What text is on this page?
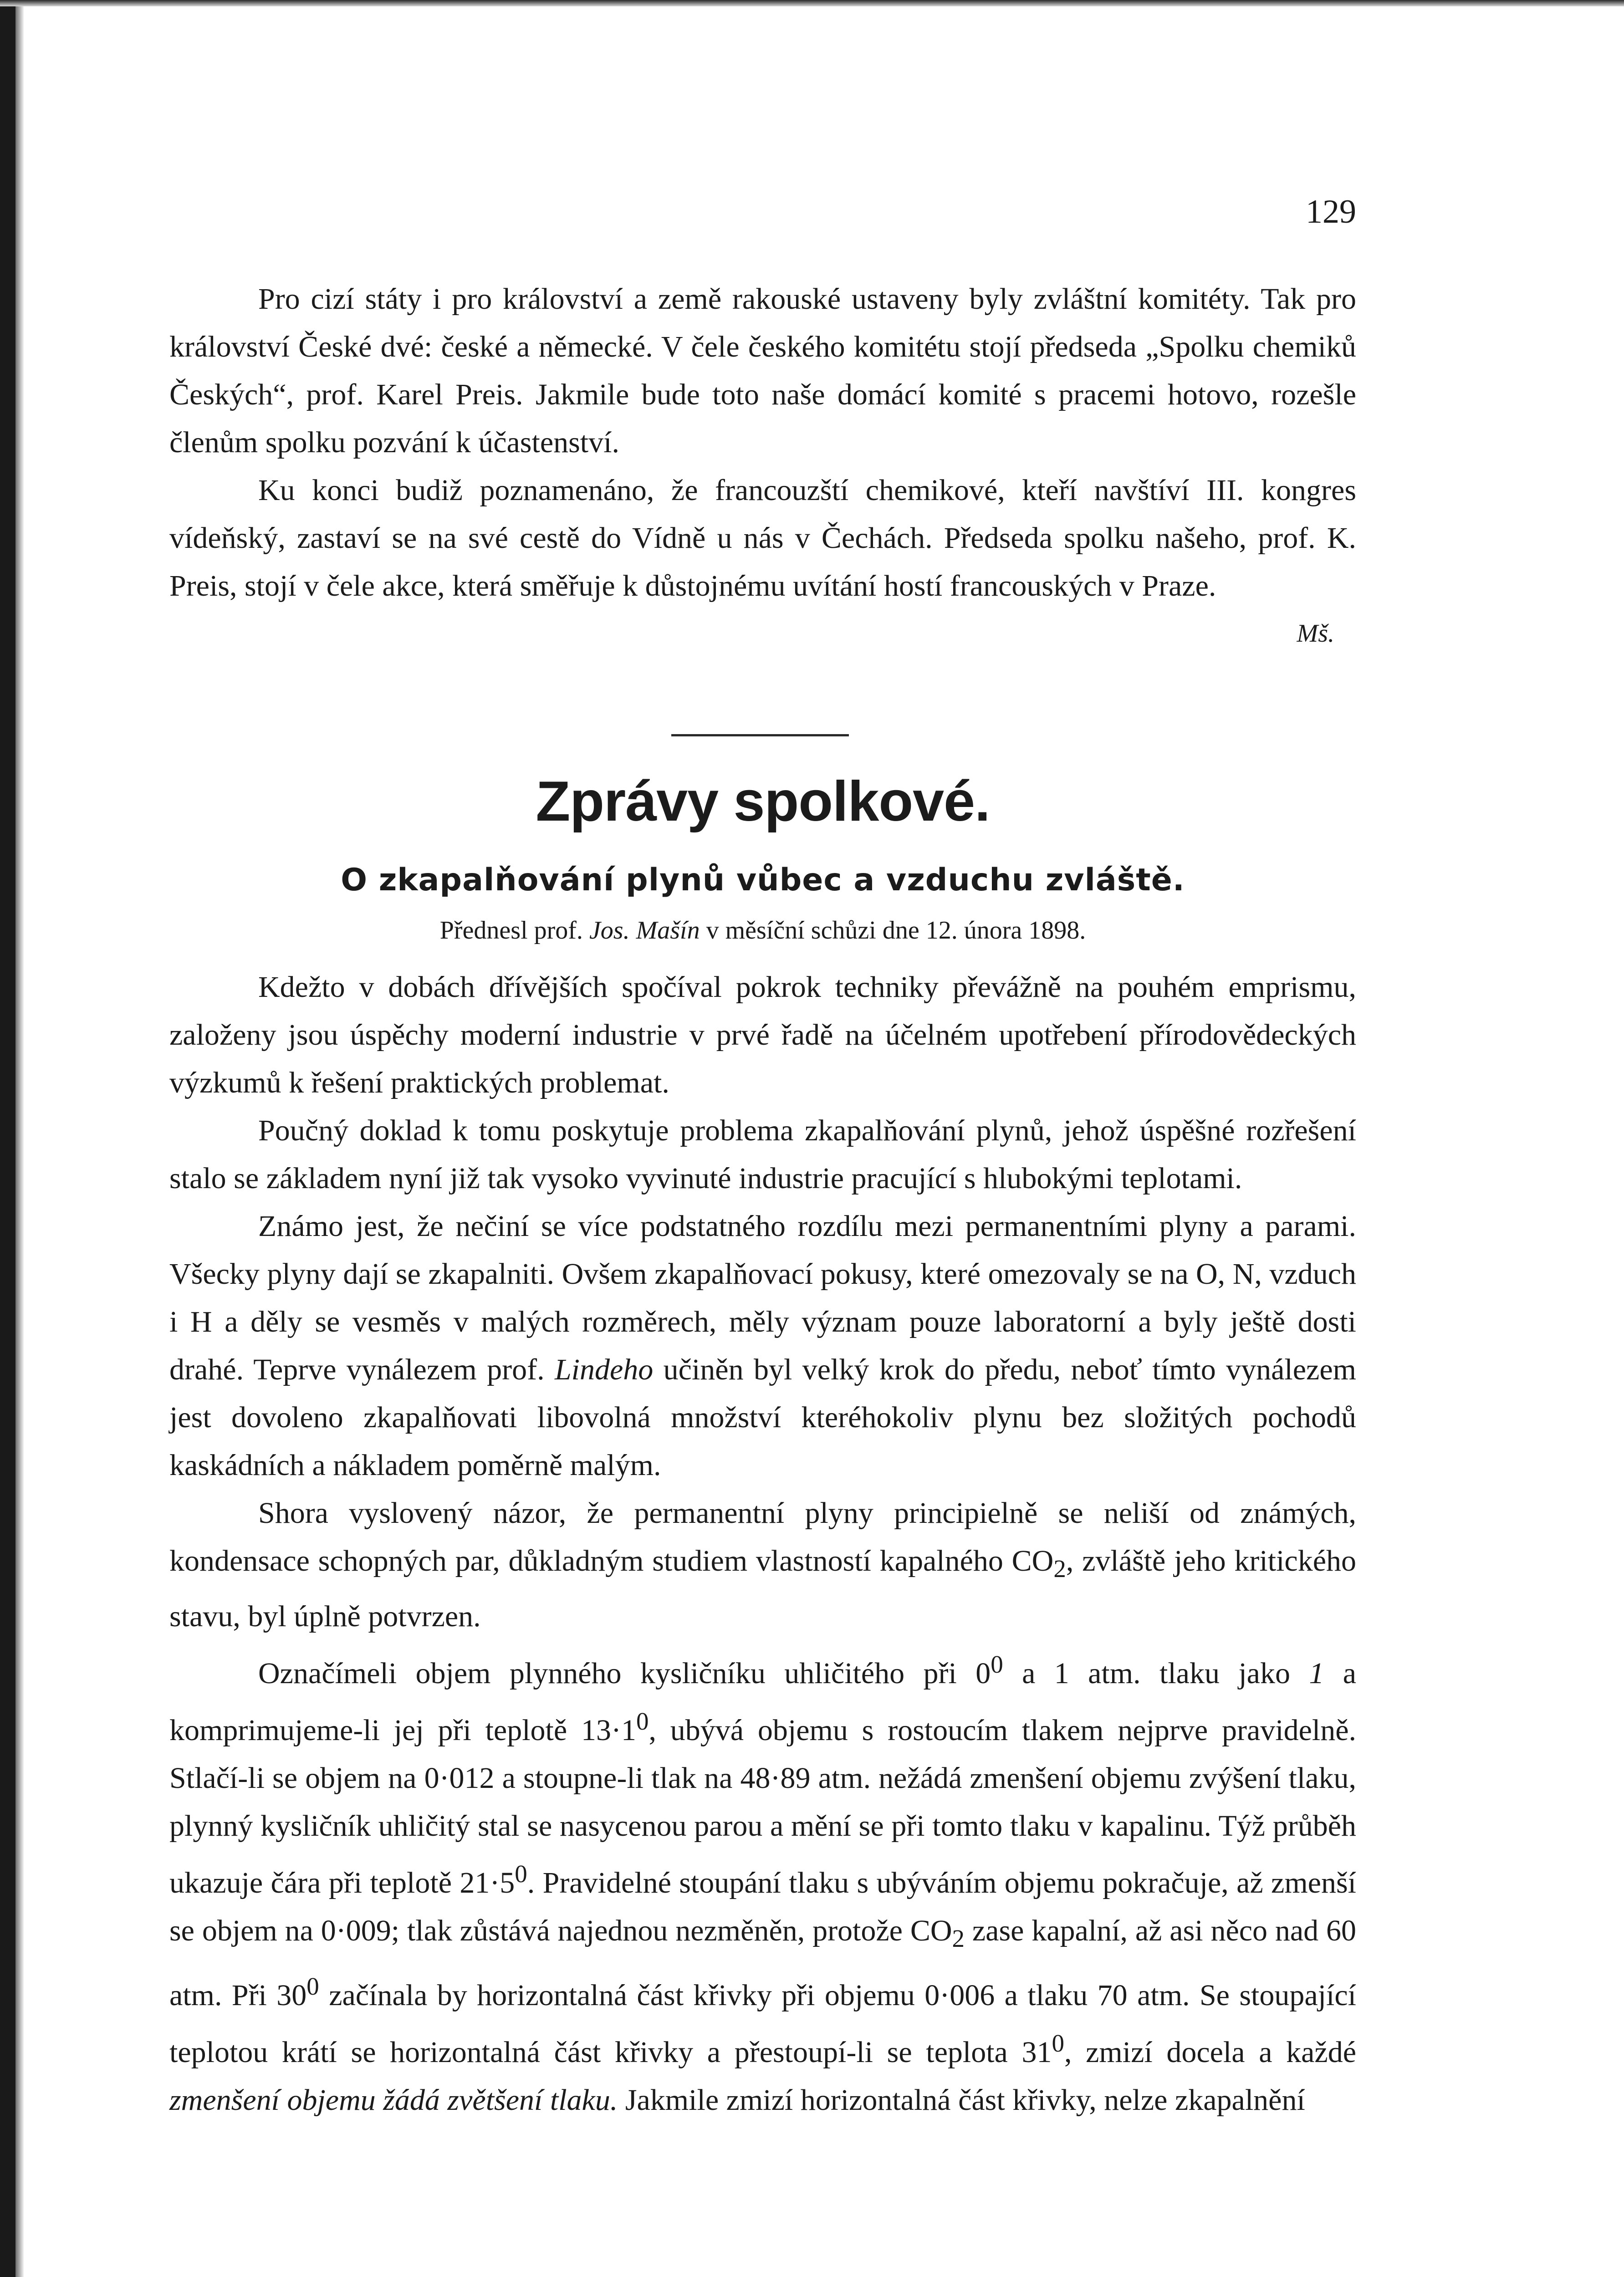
129

Pro cizí státy i pro království a země rakouské ustaveny byly zvláštní komitéty. Tak pro království České dvé: české a německé. V čele českého komitétu stojí předseda „Spolku chemiků Českých“, prof. Karel Preis. Jakmile bude toto naše domácí komité s pracemi hotovo, rozešle členům spolku pozvání k účastenství.

Ku konci budiž poznamenáno, že francouzští chemikové, kteří navštíví III. kongres vídeňský, zastaví se na své cestě do Vídně u nás v Čechách. Předseda spolku našeho, prof. K. Preis, stojí v čele akce, která směřuje k důstojnému uvítání hostí francouských v Praze.
Mš.

Zprávy spolkové.
O zkapalňování plynů vůbec a vzduchu zvláště.
Přednesl prof. Jos. Mašín v měsíční schůzi dne 12. února 1898.

Kdežto v dobách dřívějších spočíval pokrok techniky převážně na pouhém emprismu, založeny jsou úspěchy moderní industrie v prvé řadě na účelném upotřebení přírodovědeckých výzkumů k řešení praktických problemat.

Poučný doklad k tomu poskytuje problema zkapalňování plynů, jehož úspěšné rozřešení stalo se základem nyní již tak vysoko vyvinuté industrie pracující s hlubokými teplotami.

Známo jest, že nečiní se více podstatného rozdílu mezi permanentními plyny a parami. Všecky plyny dají se zkapalniti. Ovšem zkapalňovací pokusy, které omezovaly se na O, N, vzduch i H a děly se vesměs v malých rozměrech, měly význam pouze laboratorní a byly ještě dosti drahé. Teprve vynálezem prof. Lindeho učiněn byl velký krok do předu, neboť tímto vynálezem jest dovoleno zkapalňovati libovolná množství kteréhokoliv plynu bez složitých pochodů kaskádních a nákladem poměrně malým.

Shora vyslovený názor, že permanentní plyny principielně se neliší od známých, kondensace schopných par, důkladným studiem vlastností kapalného $CO_2$, zvláště jeho kritického stavu, byl úplně potvrzen.

Označímeli objem plynného kysličníku uhličitého při $0^0$ a 1 atm. tlaku jako 1 a komprimujeme-li jej při teplotě $13\cdot 1^0$, ubývá objemu s rostoucím tlakem nejprve pravidelně. Stlačí-li se objem na 0·012 a stoupne-li tlak na 48·89 atm. nežádá zmenšení objemu zvýšení tlaku, plynný kysličník uhličitý stal se nasycenou parou a mění se při tomto tlaku v kapalinu. Týž průběh ukazuje čára při teplotě $21\cdot 5^0$. Pravidelné stoupání tlaku s ubýváním objemu pokračuje, až zmenší se objem na 0·009; tlak zůstává najednou nezměněn, protože $CO_2$ zase kapalní, až asi něco nad 60 atm. Při $30^0$ začínala by horizontalná část křivky při objemu 0·006 a tlaku 70 atm. Se stoupající teplotou krátí se horizontalná část křivky a přestoupí-li se teplota $31^0$, zmizí docela a každé zmenšení objemu žádá zvětšení tlaku. Jakmile zmizí horizontalná část křivky, nelze zkapalnění
